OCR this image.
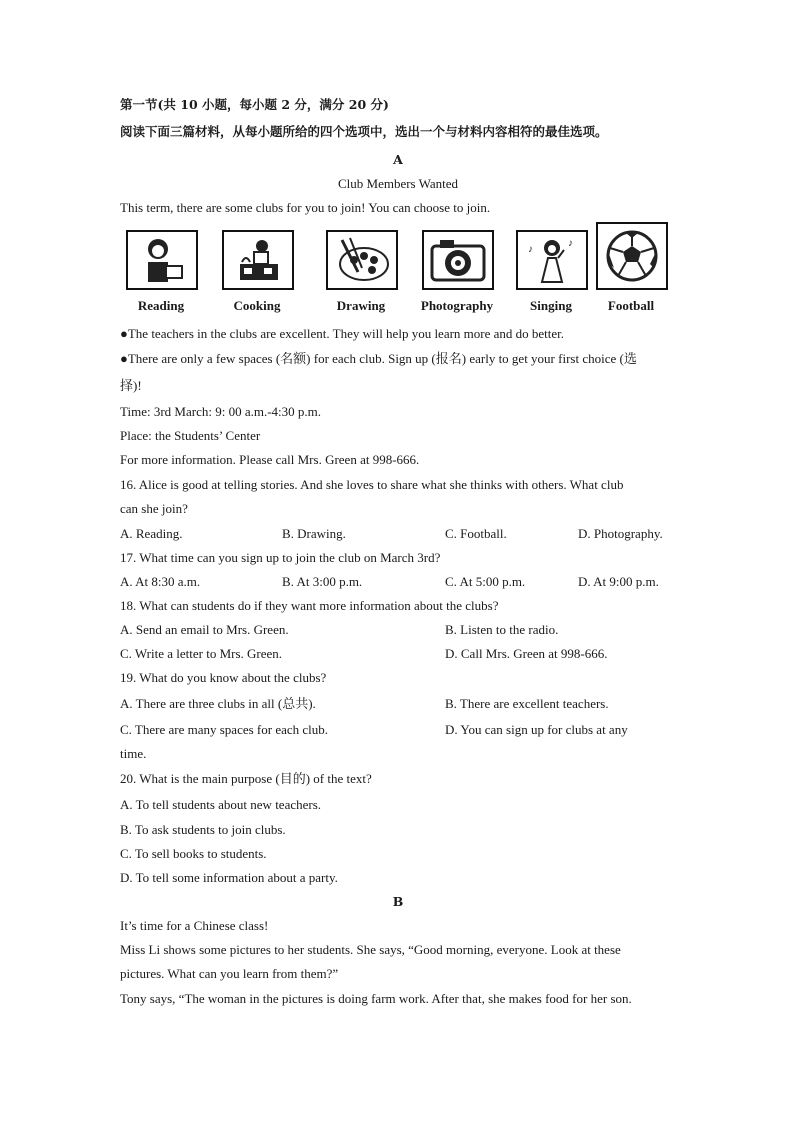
第一节(共 10 小题，每小题 2 分，满分 20 分)
阅读下面三篇材料，从每小题所给的四个选项中，选出一个与材料内容相符的最佳选项。
A
Club Members Wanted
This term, there are some clubs for you to join! You can choose to join.
Reading	Cooking	Drawing	Photography
♪
♪
Singing	Football
●The teachers in the clubs are excellent. They will help you learn more and do better.
●There are only a few spaces (名额) for each club. Sign up (报名) early to get your first choice (选
择)!
Time: 3rd March: 9: 00 a.m.-4:30 p.m.
Place: the Students’ Center
For more information. Please call Mrs. Green at 998-666.
16. Alice is good at telling stories. And she loves to share what she thinks with others. What club
can she join?
A. Reading.	B. Drawing.	C. Football.	D. Photography.
17. What time can you sign up to join the club on March 3rd?
A. At 8:30 a.m.	B. At 3:00 p.m.	C. At 5:00 p.m.	D. At 9:00 p.m.
18. What can students do if they want more information about the clubs?
A. Send an email to Mrs. Green.	B. Listen to the radio.
C. Write a letter to Mrs. Green.	D. Call Mrs. Green at 998-666.
19. What do you know about the clubs?
A. There are three clubs in all (总共).	B. There are excellent teachers.
C. There are many spaces for each club.	D. You can sign up for clubs at any
time.
20. What is the main purpose (目的) of the text?
A. To tell students about new teachers.
B. To ask students to join clubs.
C. To sell books to students.
D. To tell some information about a party.
B
It’s time for a Chinese class!
Miss Li shows some pictures to her students. She says, “Good morning, everyone. Look at these
pictures. What can you learn from them?”
Tony says, “The woman in the pictures is doing farm work. After that, she makes food for her son.
